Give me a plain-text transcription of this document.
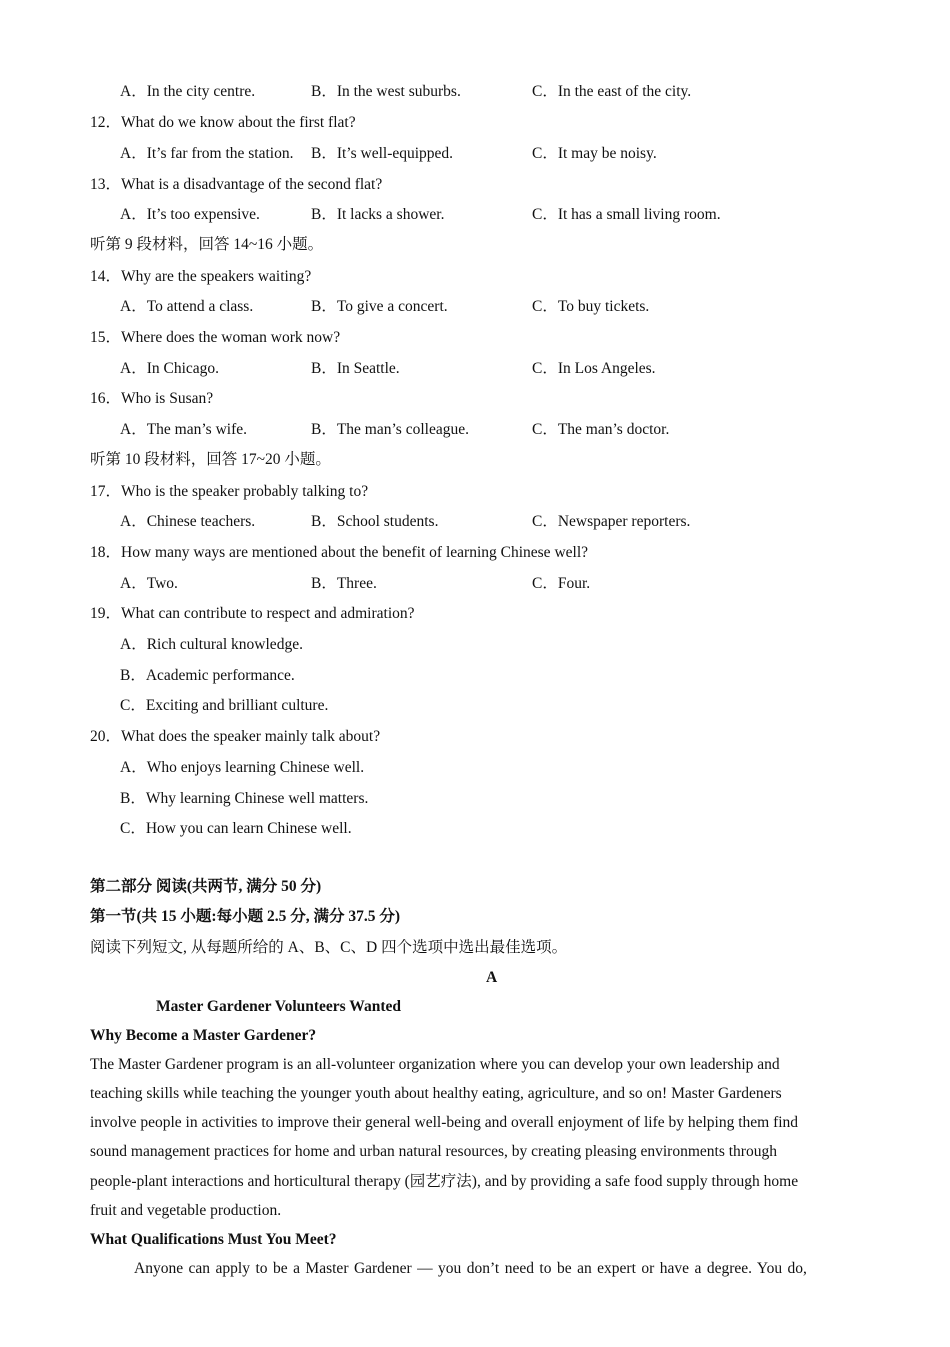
A．In the city centre.	B．In the west suburbs.	C．In the east of the city.
12．What do we know about the first flat?
A．It’s far from the station. B．It’s well-equipped.	C．It may be noisy.
13．What is a disadvantage of the second flat?
A．It’s too expensive.	B．It lacks a shower.	C．It has a small living room.
听第 9 段材料，回答 14~16 小题。
14．Why are the speakers waiting?
A．To attend a class.	B．To give a concert.	C．To buy tickets.
15．Where does the woman work now?
A．In Chicago.	B．In Seattle.	C．In Los Angeles.
16．Who is Susan?
A．The man’s wife.	B．The man’s colleague.	C．The man’s doctor.
听第 10 段材料，回答 17~20 小题。
17．Who is the speaker probably talking to?
A．Chinese teachers.	B．School students.	C．Newspaper reporters.
18．How many ways are mentioned about the benefit of learning Chinese well?
A．Two.	B．Three.	C．Four.
19．What can contribute to respect and admiration?
A．Rich cultural knowledge.
B．Academic performance.
C．Exciting and brilliant culture.
20．What does the speaker mainly talk about?
A．Who enjoys learning Chinese well.
B．Why learning Chinese well matters.
C．How you can learn Chinese well.
第二部分 阅读(共两节, 满分 50 分)
第一节(共 15 小题:每小题 2.5 分, 满分 37.5 分)
阅读下列短文, 从每题所给的 A、B、C、D 四个选项中选出最佳选项。
A
Master Gardener Volunteers Wanted
Why Become a Master Gardener?
The Master Gardener program is an all-volunteer organization where you can develop your own leadership and
teaching skills while teaching the younger youth about healthy eating, agriculture, and so on! Master Gardeners
involve people in activities to improve their general well-being and overall enjoyment of life by helping them find
sound management practices for home and urban natural resources, by creating pleasing environments through
people-plant interactions and horticultural therapy (园艺疗法), and by providing a safe food supply through home
fruit and vegetable production.
What Qualifications Must You Meet?
Anyone can apply to be a Master Gardener — you don’t need to be an expert or have a degree. You do,
